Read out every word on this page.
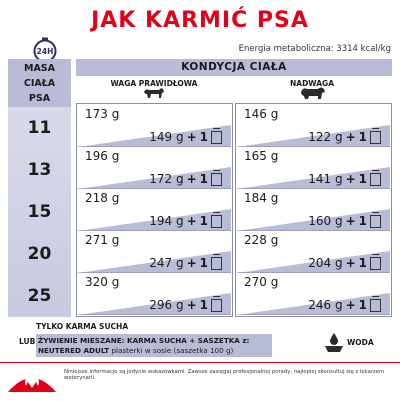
JAK KARMIĆ PSA
24H	Energia metaboliczna: 3314 kcal/kg
MASA CIAŁA
PSA
KONDYCJA CIAŁA
WAGA PRAWIDŁOWA	NADWAGA
11
173 g
149 g + 1
146 g
122 g + 1
13
196 g
172 g + 1
165 g
141 g + 1
15
218 g
194 g + 1
184 g
160 g + 1
20
271 g
247 g + 1
228 g
204 g + 1
25
320 g
296 g + 1
270 g
246 g + 1
TYLKO KARMA SUCHA
LUB ŻYWIENIE MIESZANE: KARMA SUCHA + SASZETKA z:
NEUTERED ADULT plasterki w sosie (saszetka 100 g)
WODA
Niniejsze informacje są jedynie wskazówkami. Zawsze zasięgaj profesjonalnej porady, najlepiej skonsultuj się z lekarzem weterynarii.
